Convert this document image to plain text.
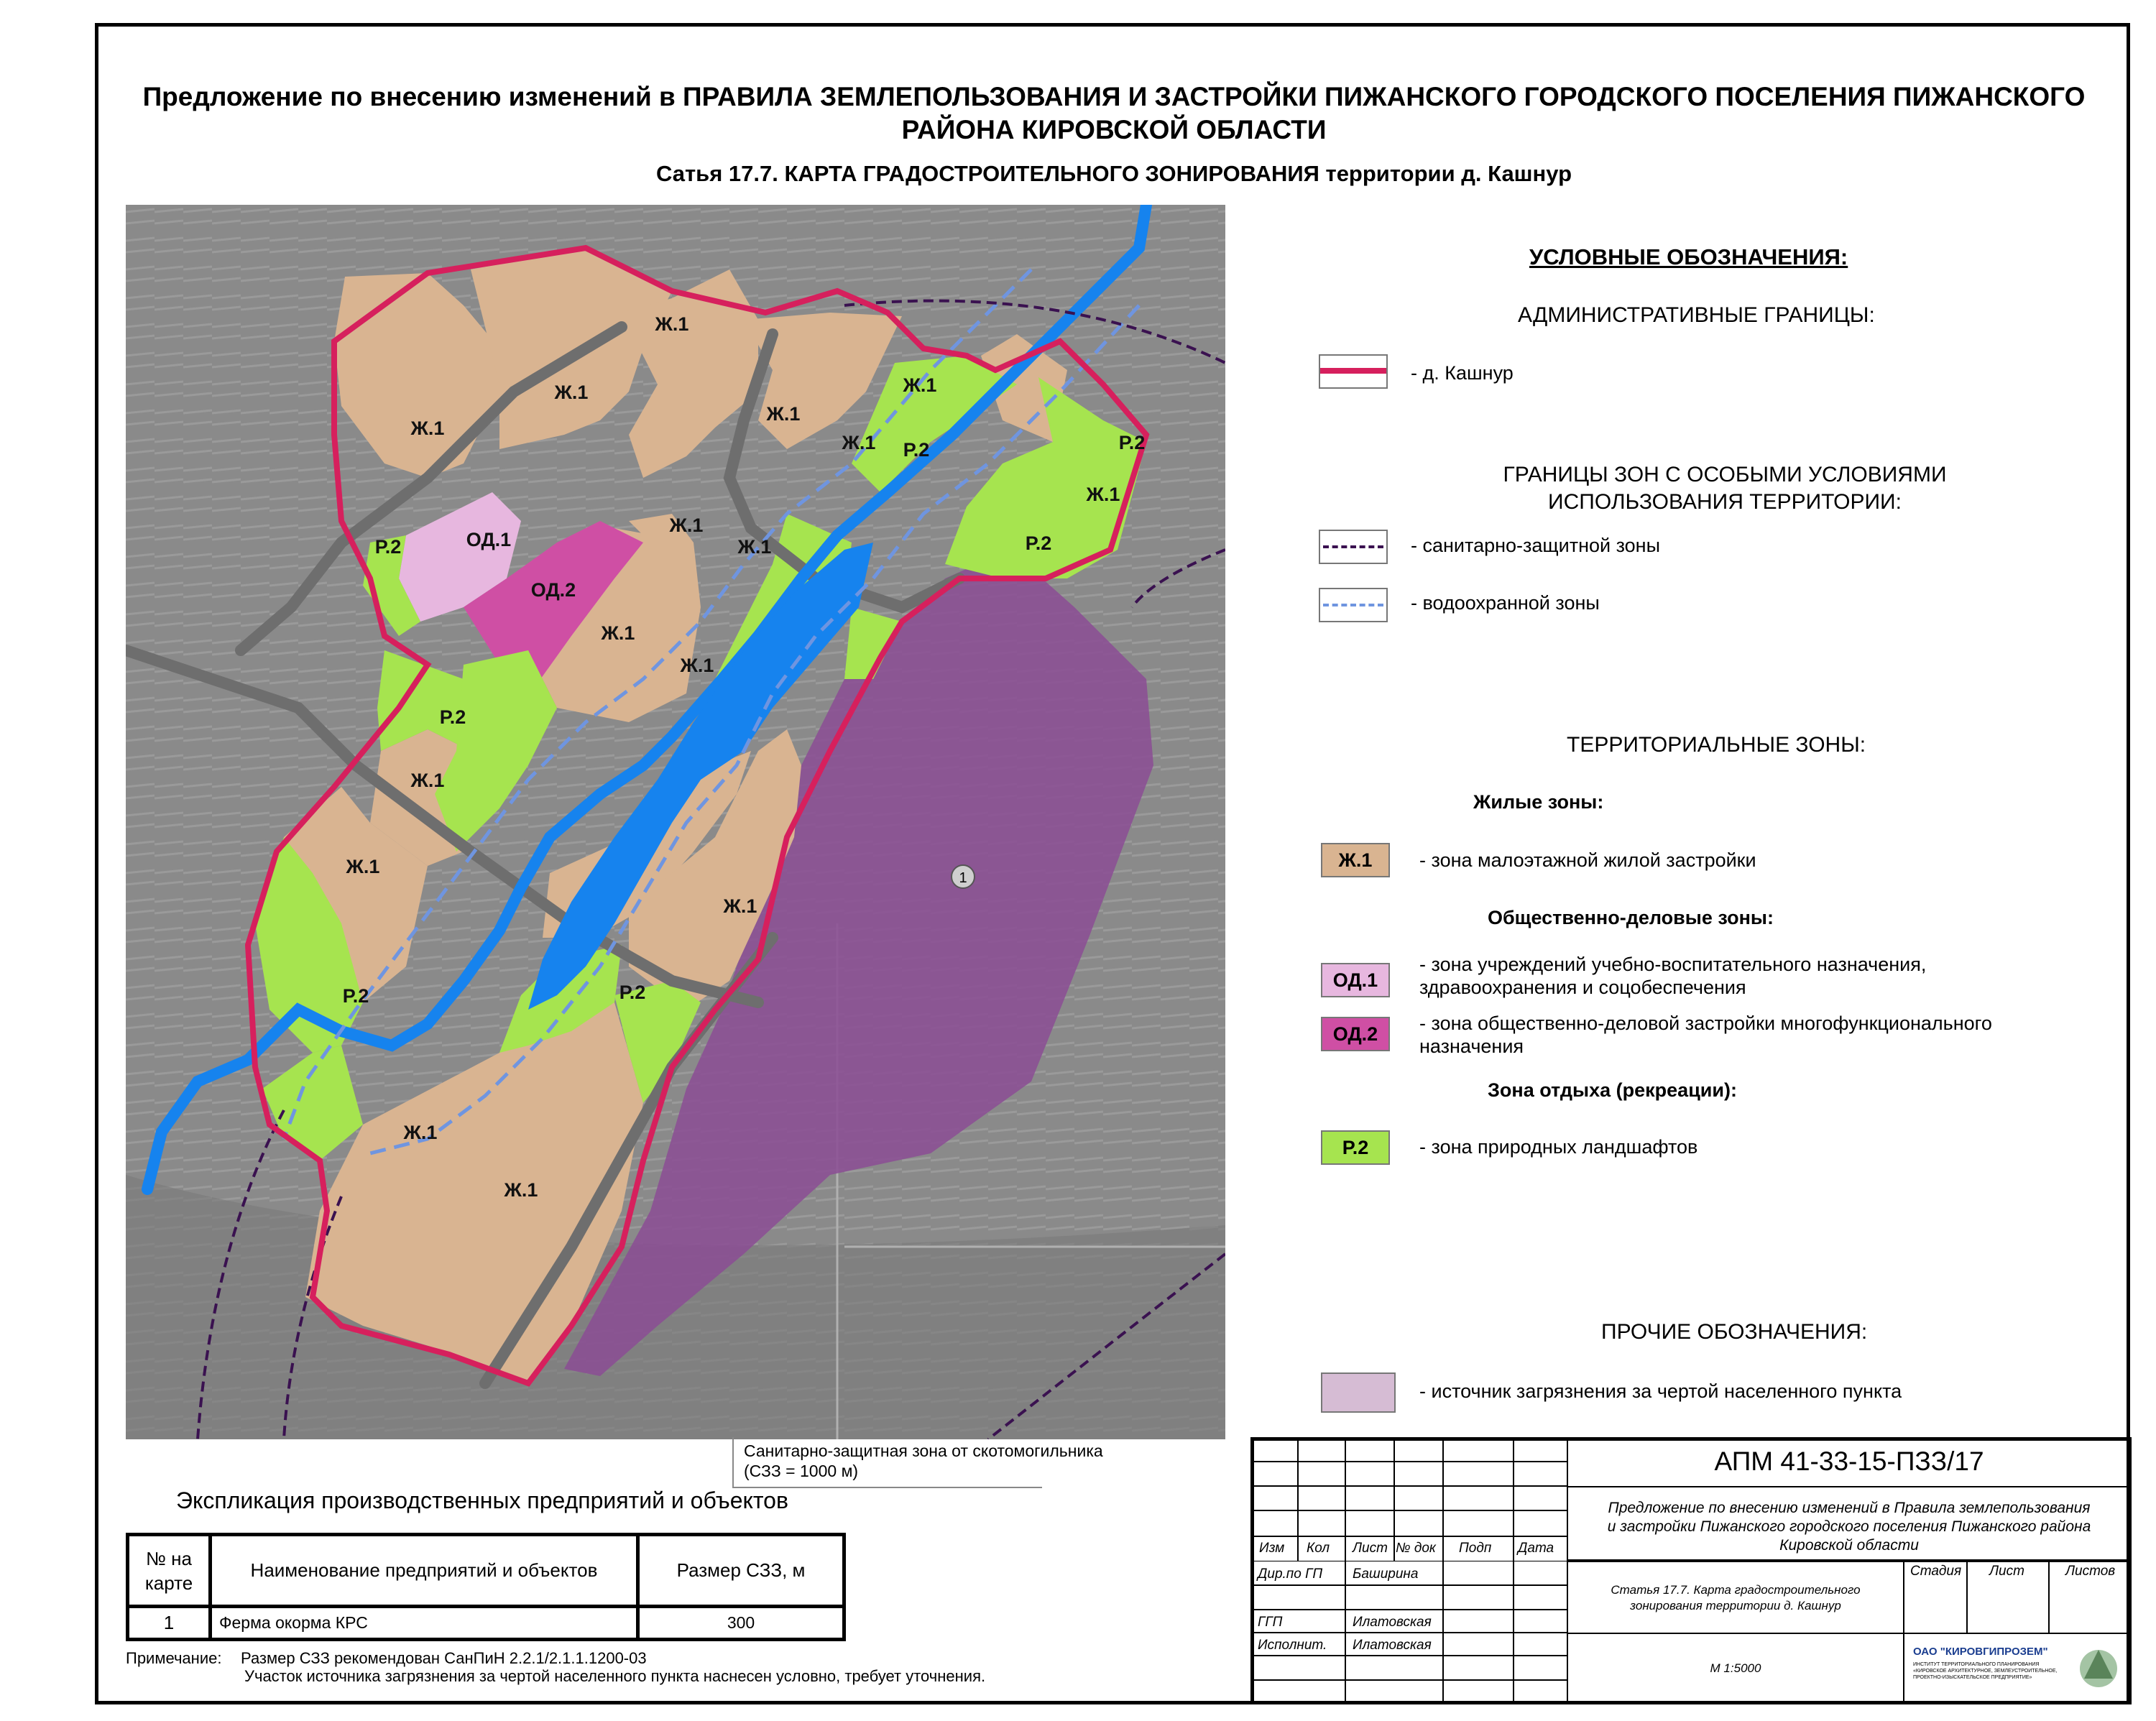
Предложение по внесению изменений в ПРАВИЛА ЗЕМЛЕПОЛЬЗОВАНИЯ И ЗАСТРОЙКИ ПИЖАНСКОГО ГОРОДСКОГО ПОСЕЛЕНИЯ ПИЖАНСКОГО
РАЙОНА КИРОВСКОЙ ОБЛАСТИ
Сатья 17.7. КАРТА ГРАДОСТРОИТЕЛЬНОГО ЗОНИРОВАНИЯ территории д. Кашнур
Ж.1
Ж.1
Ж.1
Ж.1
Ж.1
Ж.1
Ж.1
Ж.1
Ж.1
Ж.1
Ж.1
Ж.1
Ж.1
Ж.1
Ж.1
Ж.1
ОД.1
ОД.2
Р.2
Р.2
Р.2
Р.2	Р.2
Р.2
Р.2
1
Санитарно-защитная зона от скотомогильника
(СЗЗ = 1000 м)
УСЛОВНЫЕ ОБОЗНАЧЕНИЯ:
АДМИНИСТРАТИВНЫЕ ГРАНИЦЫ:
- д. Кашнур
ГРАНИЦЫ ЗОН С ОСОБЫМИ УСЛОВИЯМИ
ИСПОЛЬЗОВАНИЯ ТЕРРИТОРИИ:
- санитарно-защитной зоны
- водоохранной зоны
ТЕРРИТОРИАЛЬНЫЕ ЗОНЫ:
Жилые зоны:
Ж.1	- зона малоэтажной жилой застройки
Общественно-деловые зоны:
ОД.1
- зона учреждений учебно-воспитательного назначения,
здравоохранения и соцобеспечения
ОД.2	- зона общественно-деловой застройки многофункционального
назначения
Зона отдыха (рекреации):
Р.2	- зона природных ландшафтов
ПРОЧИЕ ОБОЗНАЧЕНИЯ:
- источник загрязнения за чертой населенного пункта
Экспликация производственных предприятий и объектов
№ на
карте	Наименование предприятий и объектов	Размер СЗЗ, м
1	Ферма окорма КРС	300
Примечание: Размер СЗЗ рекомендован СанПиН 2.2.1/2.1.1.1200-03
Участок источника загрязнения за чертой населенного пункта наснесен условно, требует уточнения.
Изм Кол Лист № док Подп Дата
Дир.по ГП Баширина
ГГП	Илатовская
Исполнит. Илатовская
АПМ 41-33-15-ПЗЗ/17
Предложение по внесению изменений в Правила землепользования
и застройки Пижанского городского поселения Пижанского района
Кировской области
Статья 17.7. Карта градостроительного
зонирования территории д. Кашнур
Стадия Лист	Листов
М 1:5000
ОАО "КИРОВГИПРОЗЕМ"
ИНСТИТУТ ТЕРРИТОРИАЛЬНОГО ПЛАНИРОВАНИЯ «КИРОВСКОЕ АРХИТЕКТУРНОЕ, ЗЕМЛЕУСТРОИТЕЛЬНОЕ, ПРОЕКТНО-ИЗЫСКАТЕЛЬСКОЕ ПРЕДПРИЯТИЕ»
